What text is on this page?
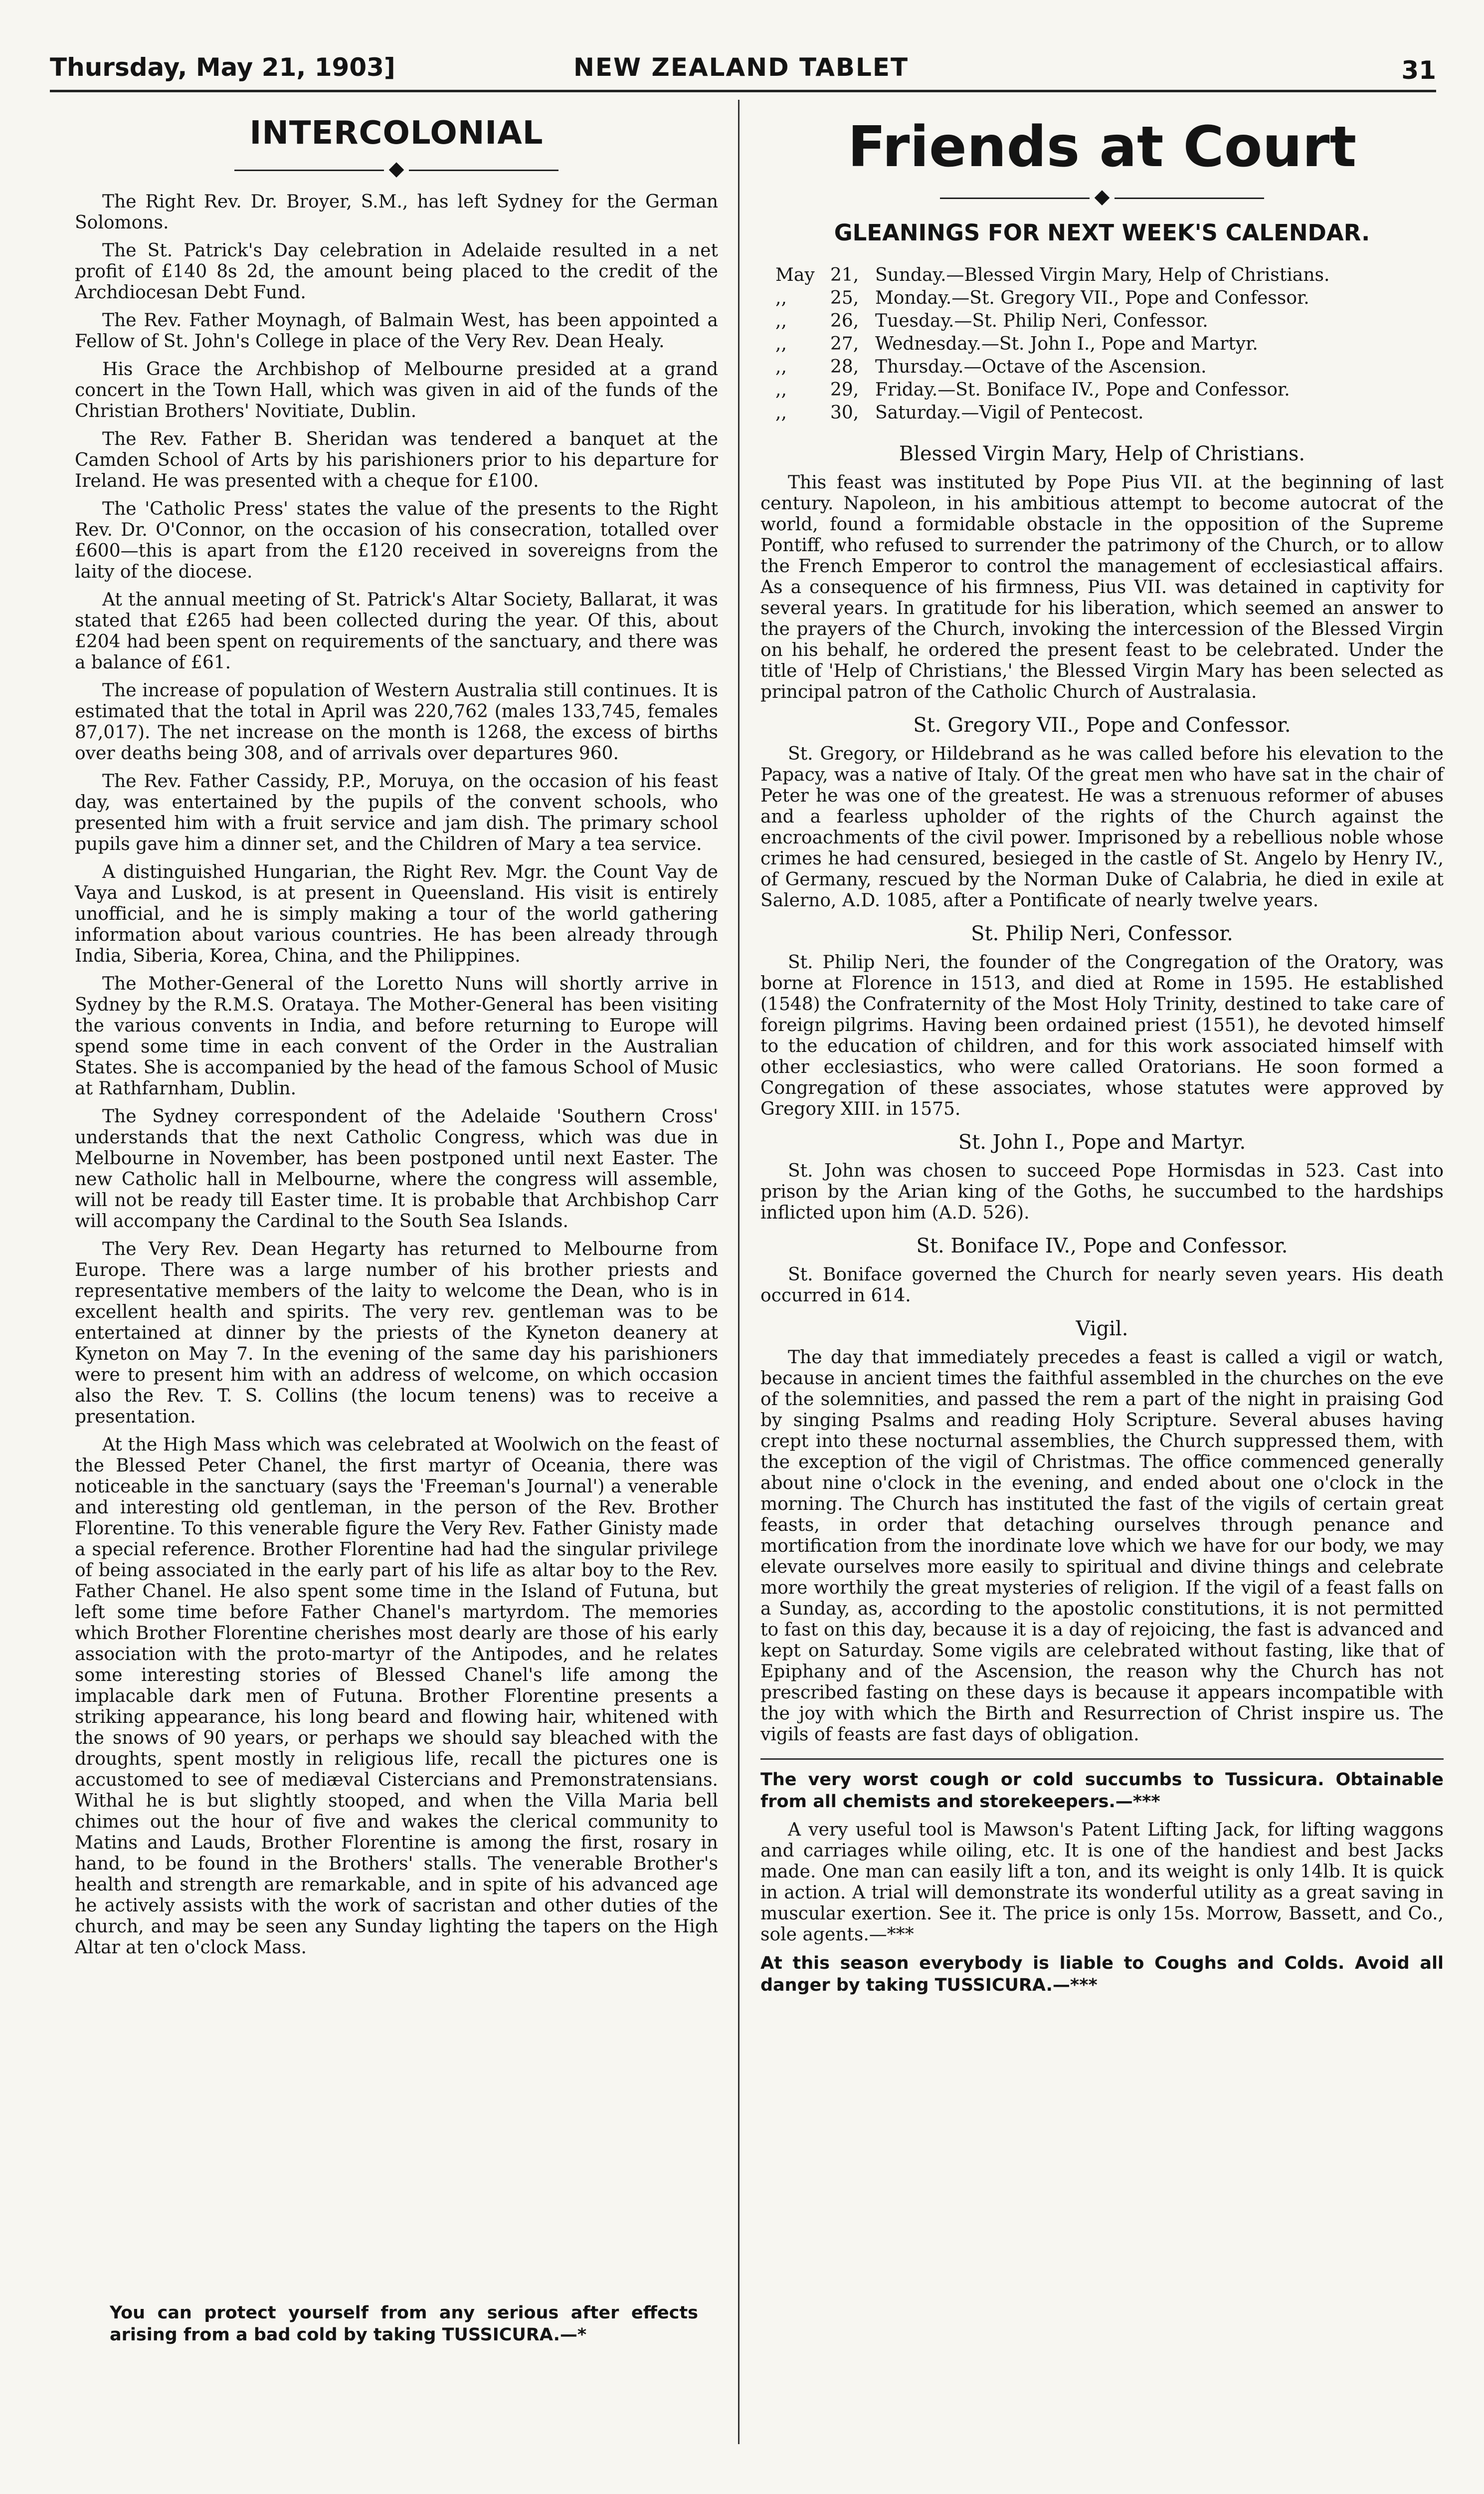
Thursday, May 21, 1903]	NEW ZEALAND TABLET	31
INTERCOLONIAL
◆

The Right Rev. Dr. Broyer, S.M., has left Sydney for the German Solomons.

The St. Patrick's Day celebration in Adelaide resulted in a net profit of £140 8s 2d, the amount being placed to the credit of the Archdiocesan Debt Fund.

The Rev. Father Moynagh, of Balmain West, has been appointed a Fellow of St. John's College in place of the Very Rev. Dean Healy.

His Grace the Archbishop of Melbourne presided at a grand concert in the Town Hall, which was given in aid of the funds of the Christian Brothers' Novitiate, Dublin.

The Rev. Father B. Sheridan was tendered a banquet at the Camden School of Arts by his parishioners prior to his departure for Ireland. He was presented with a cheque for £100.

The 'Catholic Press' states the value of the presents to the Right Rev. Dr. O'Connor, on the occasion of his consecration, totalled over £600—this is apart from the £120 received in sovereigns from the laity of the diocese.

At the annual meeting of St. Patrick's Altar Society, Ballarat, it was stated that £265 had been collected during the year. Of this, about £204 had been spent on requirements of the sanctuary, and there was a balance of £61.

The increase of population of Western Australia still continues. It is estimated that the total in April was 220,762 (males 133,745, females 87,017). The net increase on the month is 1268, the excess of births over deaths being 308, and of arrivals over departures 960.

The Rev. Father Cassidy, P.P., Moruya, on the occasion of his feast day, was entertained by the pupils of the convent schools, who presented him with a fruit service and jam dish. The primary school pupils gave him a dinner set, and the Children of Mary a tea service.

A distinguished Hungarian, the Right Rev. Mgr. the Count Vay de Vaya and Luskod, is at present in Queensland. His visit is entirely unofficial, and he is simply making a tour of the world gathering information about various countries. He has been already through India, Siberia, Korea, China, and the Philippines.

The Mother-General of the Loretto Nuns will shortly arrive in Sydney by the R.M.S. Orataya. The Mother-General has been visiting the various convents in India, and before returning to Europe will spend some time in each convent of the Order in the Australian States. She is accompanied by the head of the famous School of Music at Rathfarnham, Dublin.

The Sydney correspondent of the Adelaide 'Southern Cross' understands that the next Catholic Congress, which was due in Melbourne in November, has been postponed until next Easter. The new Catholic hall in Melbourne, where the congress will assemble, will not be ready till Easter time. It is probable that Archbishop Carr will accompany the Cardinal to the South Sea Islands.

The Very Rev. Dean Hegarty has returned to Melbourne from Europe. There was a large number of his brother priests and representative members of the laity to welcome the Dean, who is in excellent health and spirits. The very rev. gentleman was to be entertained at dinner by the priests of the Kyneton deanery at Kyneton on May 7. In the evening of the same day his parishioners were to present him with an address of welcome, on which occasion also the Rev. T. S. Collins (the locum tenens) was to receive a presentation.

At the High Mass which was celebrated at Woolwich on the feast of the Blessed Peter Chanel, the first martyr of Oceania, there was noticeable in the sanctuary (says the 'Freeman's Journal') a venerable and interesting old gentleman, in the person of the Rev. Brother Florentine. To this venerable figure the Very Rev. Father Ginisty made a special reference. Brother Florentine had had the singular privilege of being associated in the early part of his life as altar boy to the Rev. Father Chanel. He also spent some time in the Island of Futuna, but left some time before Father Chanel's martyrdom. The memories which Brother Florentine cherishes most dearly are those of his early association with the proto-martyr of the Antipodes, and he relates some interesting stories of Blessed Chanel's life among the implacable dark men of Futuna. Brother Florentine presents a striking appearance, his long beard and flowing hair, whitened with the snows of 90 years, or perhaps we should say bleached with the droughts, spent mostly in religious life, recall the pictures one is accustomed to see of mediæval Cistercians and Premonstratensians. Withal he is but slightly stooped, and when the Villa Maria bell chimes out the hour of five and wakes the clerical community to Matins and Lauds, Brother Florentine is among the first, rosary in hand, to be found in the Brothers' stalls. The venerable Brother's health and strength are remarkable, and in spite of his advanced age he actively assists with the work of sacristan and other duties of the church, and may be seen any Sunday lighting the tapers on the High Altar at ten o'clock Mass.

You can protect yourself from any serious after effects arising from a bad cold by taking TUSSICURA.—*

Friends at Court
◆
GLEANINGS FOR NEXT WEEK'S CALENDAR.
May 21, Sunday.—Blessed Virgin Mary, Help of Christians.
,,	25, Monday.—St. Gregory VII., Pope and Confessor.
,,	26, Tuesday.—St. Philip Neri, Confessor.
,,	27, Wednesday.—St. John I., Pope and Martyr.
,,	28, Thursday.—Octave of the Ascension.
,,	29, Friday.—St. Boniface IV., Pope and Confessor.
,,	30, Saturday.—Vigil of Pentecost.
Blessed Virgin Mary, Help of Christians.

This feast was instituted by Pope Pius VII. at the beginning of last century. Napoleon, in his ambitious attempt to become autocrat of the world, found a formidable obstacle in the opposition of the Supreme Pontiff, who refused to surrender the patrimony of the Church, or to allow the French Emperor to control the management of ecclesiastical affairs. As a consequence of his firmness, Pius VII. was detained in captivity for several years. In gratitude for his liberation, which seemed an answer to the prayers of the Church, invoking the intercession of the Blessed Virgin on his behalf, he ordered the present feast to be celebrated. Under the title of 'Help of Christians,' the Blessed Virgin Mary has been selected as principal patron of the Catholic Church of Australasia.

St. Gregory VII., Pope and Confessor.

St. Gregory, or Hildebrand as he was called before his elevation to the Papacy, was a native of Italy. Of the great men who have sat in the chair of Peter he was one of the greatest. He was a strenuous reformer of abuses and a fearless upholder of the rights of the Church against the encroachments of the civil power. Imprisoned by a rebellious noble whose crimes he had censured, besieged in the castle of St. Angelo by Henry IV., of Germany, rescued by the Norman Duke of Calabria, he died in exile at Salerno, A.D. 1085, after a Pontificate of nearly twelve years.

St. Philip Neri, Confessor.

St. Philip Neri, the founder of the Congregation of the Oratory, was borne at Florence in 1513, and died at Rome in 1595. He established (1548) the Confraternity of the Most Holy Trinity, destined to take care of foreign pilgrims. Having been ordained priest (1551), he devoted himself to the education of children, and for this work associated himself with other ecclesiastics, who were called Oratorians. He soon formed a Congregation of these associates, whose statutes were approved by Gregory XIII. in 1575.

St. John I., Pope and Martyr.

St. John was chosen to succeed Pope Hormisdas in 523. Cast into prison by the Arian king of the Goths, he succumbed to the hardships inflicted upon him (A.D. 526).

St. Boniface IV., Pope and Confessor.

St. Boniface governed the Church for nearly seven years. His death occurred in 614.

Vigil.

The day that immediately precedes a feast is called a vigil or watch, because in ancient times the faithful assembled in the churches on the eve of the solemnities, and passed the rem a part of the night in praising God by singing Psalms and reading Holy Scripture. Several abuses having crept into these nocturnal assemblies, the Church suppressed them, with the exception of the vigil of Christmas. The office commenced generally about nine o'clock in the evening, and ended about one o'clock in the morning. The Church has instituted the fast of the vigils of certain great feasts, in order that detaching ourselves through penance and mortification from the inordinate love which we have for our body, we may elevate ourselves more easily to spiritual and divine things and celebrate more worthily the great mysteries of religion. If the vigil of a feast falls on a Sunday, as, according to the apostolic constitutions, it is not permitted to fast on this day, because it is a day of rejoicing, the fast is advanced and kept on Saturday. Some vigils are celebrated without fasting, like that of Epiphany and of the Ascension, the reason why the Church has not prescribed fasting on these days is because it appears incompatible with the joy with which the Birth and Resurrection of Christ inspire us. The vigils of feasts are fast days of obligation.

The very worst cough or cold succumbs to Tussicura. Obtainable from all chemists and storekeepers.—***

A very useful tool is Mawson's Patent Lifting Jack, for lifting waggons and carriages while oiling, etc. It is one of the handiest and best Jacks made. One man can easily lift a ton, and its weight is only 14lb. It is quick in action. A trial will demonstrate its wonderful utility as a great saving in muscular exertion. See it. The price is only 15s. Morrow, Bassett, and Co., sole agents.—***

At this season everybody is liable to Coughs and Colds. Avoid all danger by taking TUSSICURA.—***
